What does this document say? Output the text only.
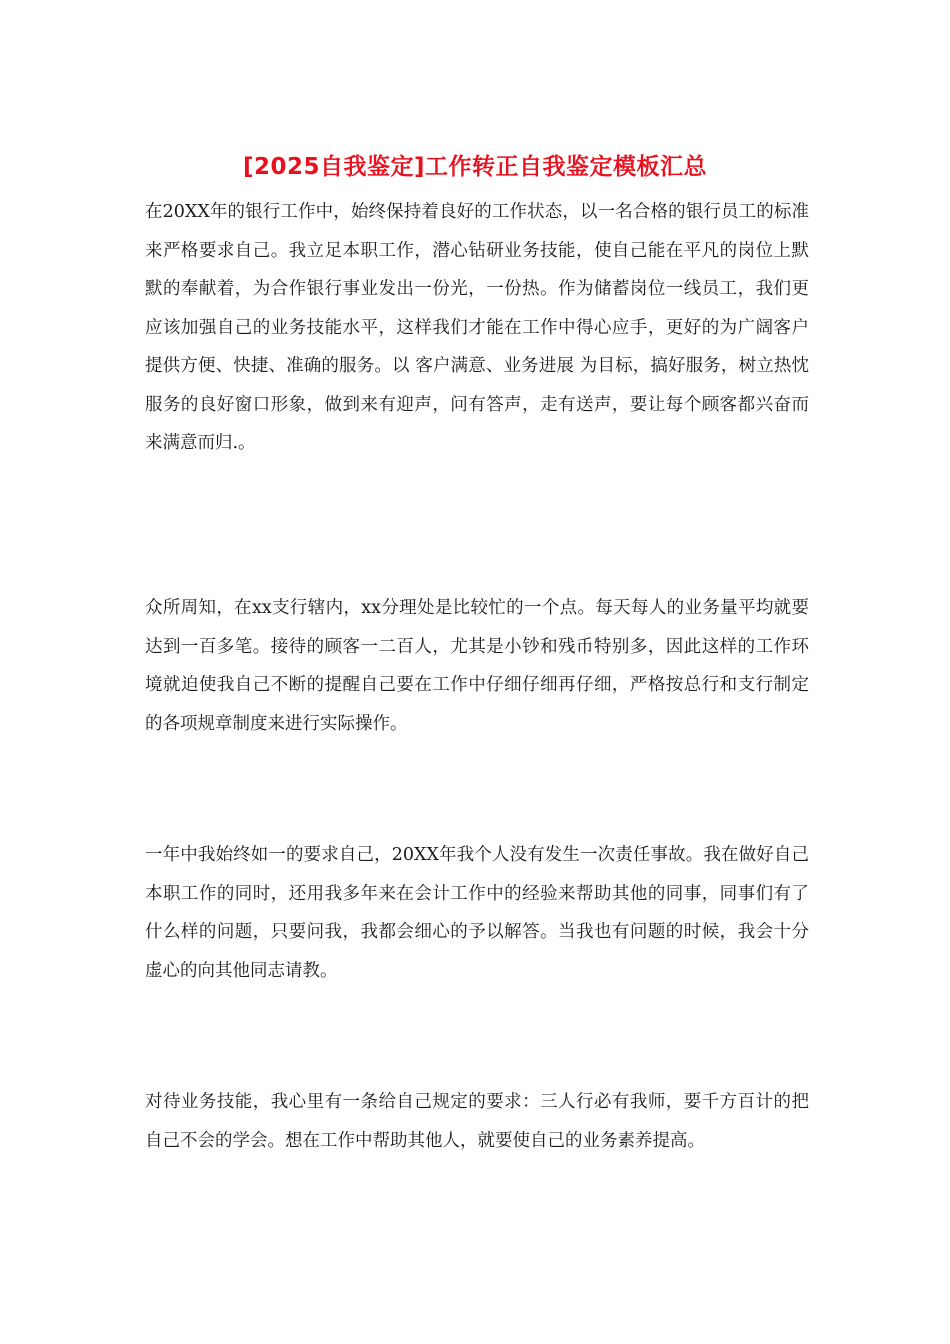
[2025自我鉴定]工作转正自我鉴定模板汇总
在20XX年的银行工作中，始终保持着良好的工作状态，以一名合格的银行员工的标准来严格要求自己。我立足本职工作，潜心钻研业务技能，使自己能在平凡的岗位上默默的奉献着，为合作银行事业发出一份光，一份热。作为储蓄岗位一线员工，我们更应该加强自己的业务技能水平，这样我们才能在工作中得心应手，更好的为广阔客户提供方便、快捷、准确的服务。以 客户满意、业务进展 为目标，搞好服务，树立热忱服务的良好窗口形象，做到来有迎声，问有答声，走有送声，要让每个顾客都兴奋而来满意而归.。
众所周知，在xx支行辖内，xx分理处是比较忙的一个点。每天每人的业务量平均就要达到一百多笔。接待的顾客一二百人，尤其是小钞和残币特别多，因此这样的工作环境就迫使我自己不断的提醒自己要在工作中仔细仔细再仔细，严格按总行和支行制定的各项规章制度来进行实际操作。
一年中我始终如一的要求自己，20XX年我个人没有发生一次责任事故。我在做好自己本职工作的同时，还用我多年来在会计工作中的经验来帮助其他的同事，同事们有了什么样的问题，只要问我，我都会细心的予以解答。当我也有问题的时候，我会十分虚心的向其他同志请教。
对待业务技能，我心里有一条给自己规定的要求：三人行必有我师，要千方百计的把自己不会的学会。想在工作中帮助其他人，就要使自己的业务素养提高。
